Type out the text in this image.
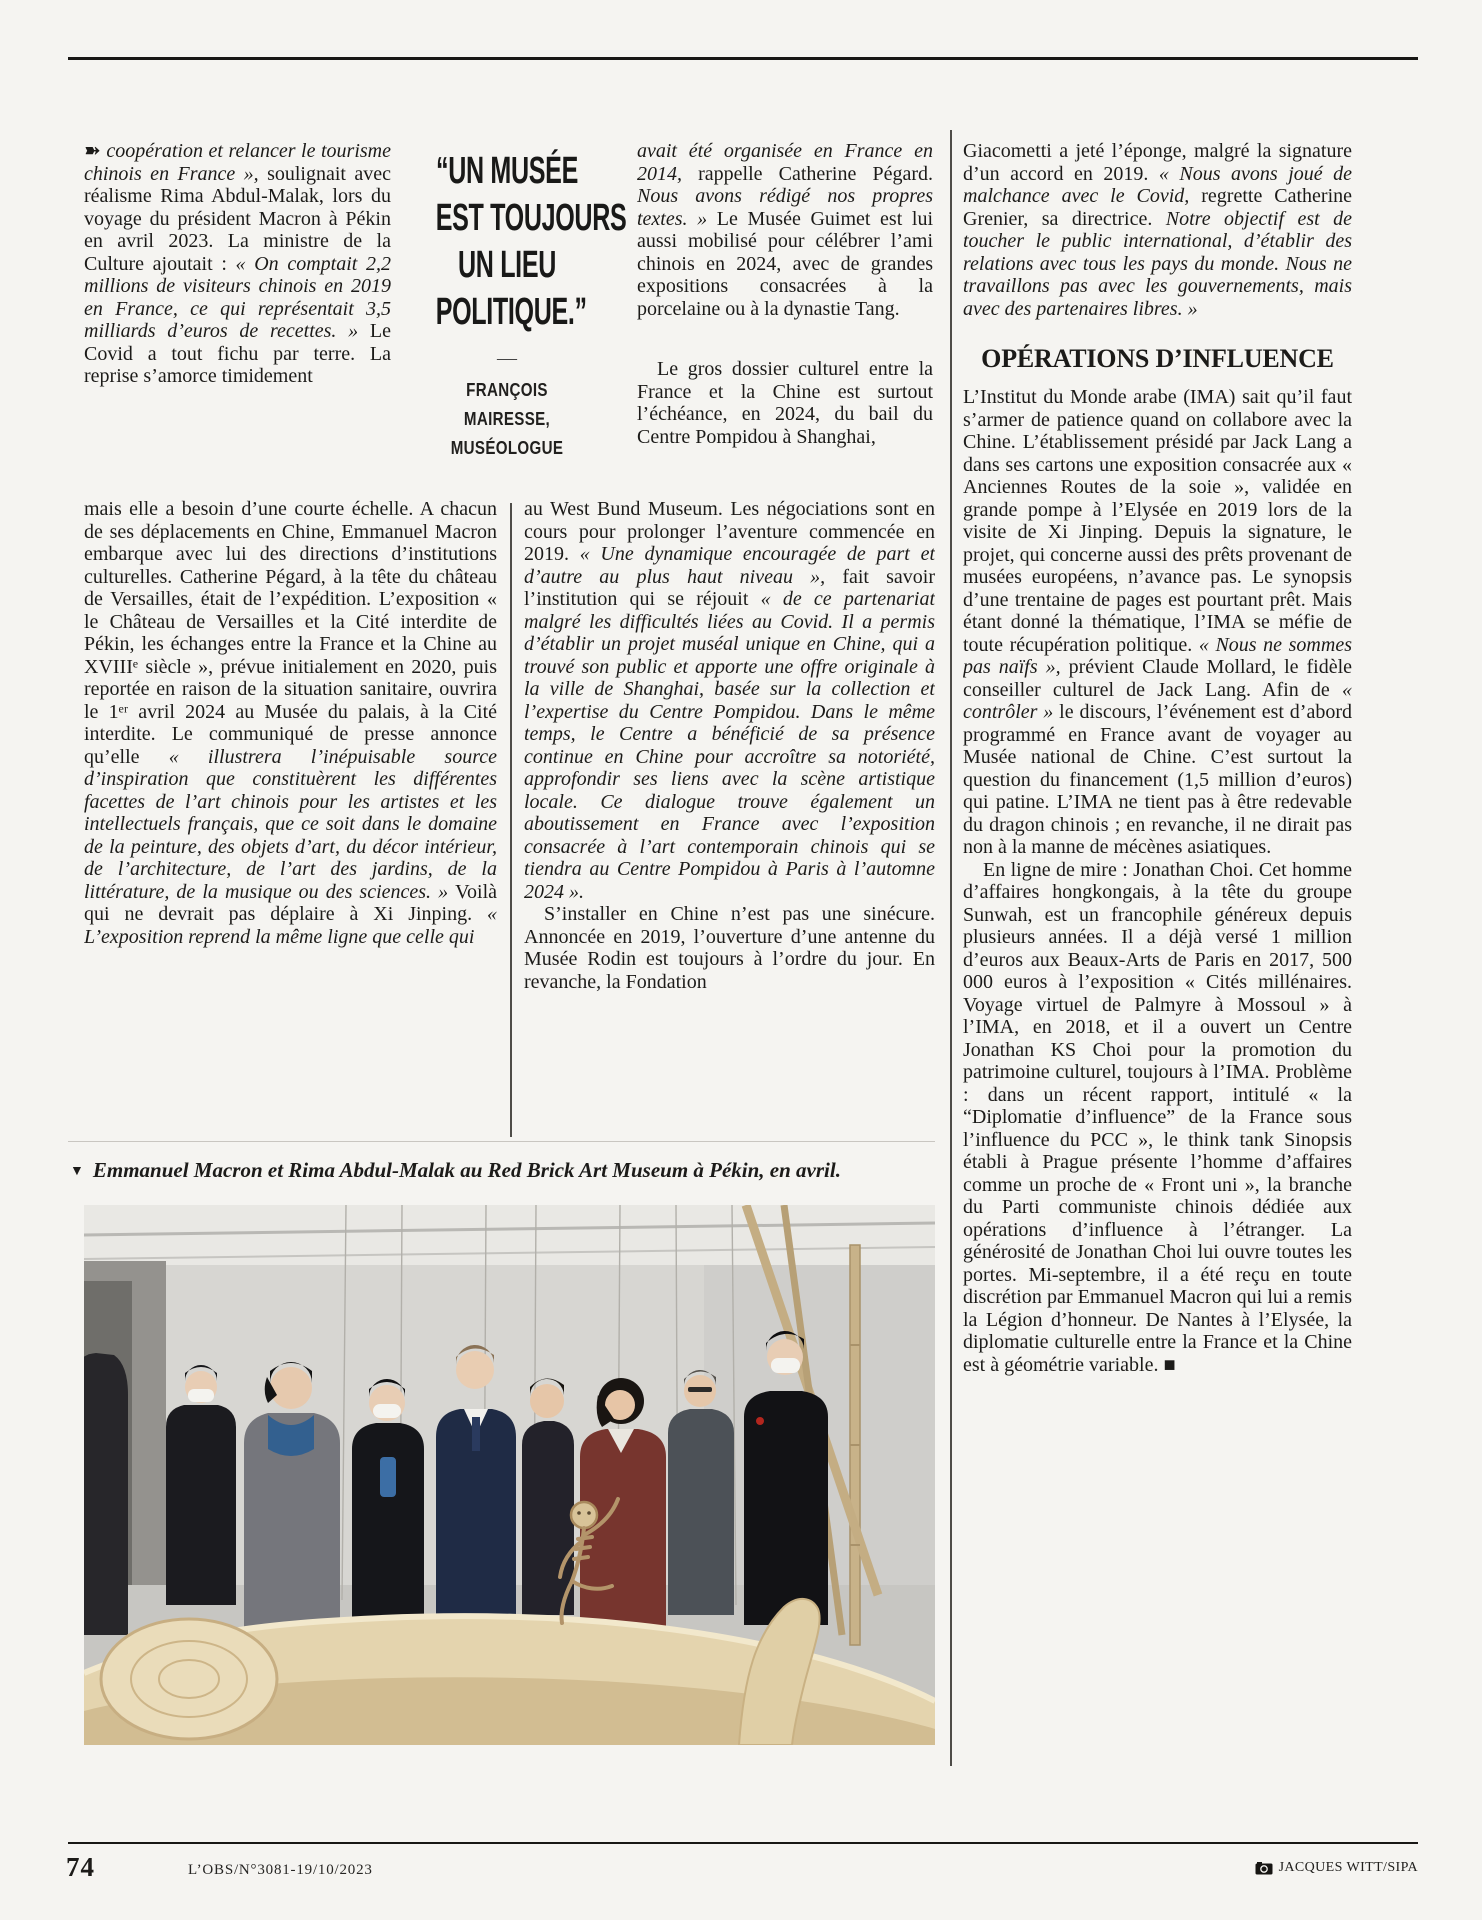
➽ coopération et relancer le tourisme chinois en France », soulignait avec réalisme Rima Abdul-Malak, lors du voyage du président Macron à Pékin en avril 2023. La ministre de la Culture ajoutait : « On comptait 2,2 millions de visiteurs chinois en 2019 en France, ce qui représentait 3,5 milliards d’euros de recettes. » Le Covid a tout fichu par terre. La reprise s’amorce timidement

“UN MUSÉE
EST TOUJOURS
UN LIEU
POLITIQUE.”
—
FRANÇOIS
MAIRESSE,
MUSÉOLOGUE

avait été organisée en France en 2014, rappelle Catherine Pégard. Nous avons rédigé nos propres textes. » Le Musée Guimet est lui aussi mobilisé pour célébrer l’ami chinois en 2024, avec de grandes expositions consacrées à la porcelaine ou à la dynastie Tang.

Le gros dossier culturel entre la France et la Chine est surtout l’échéance, en 2024, du bail du Centre Pompidou à Shanghai,

mais elle a besoin d’une courte échelle. A chacun de ses déplacements en Chine, Emmanuel Macron embarque avec lui des directions d’institutions culturelles. Catherine Pégard, à la tête du château de Versailles, était de l’expédition. L’exposition « le Château de Versailles et la Cité interdite de Pékin, les échanges entre la France et la Chine au XVIIIᵉ siècle », prévue initialement en 2020, puis reportée en raison de la situation sanitaire, ouvrira le 1ᵉʳ avril 2024 au Musée du palais, à la Cité interdite. Le communiqué de presse annonce qu’elle « illustrera l’inépuisable source d’inspiration que constituèrent les différentes facettes de l’art chinois pour les artistes et les intellectuels français, que ce soit dans le domaine de la peinture, des objets d’art, du décor intérieur, de l’architecture, de l’art des jardins, de la littérature, de la musique ou des sciences. » Voilà qui ne devrait pas déplaire à Xi Jinping. « L’exposition reprend la même ligne que celle qui

au West Bund Museum. Les négociations sont en cours pour prolonger l’aventure commencée en 2019. « Une dynamique encouragée de part et d’autre au plus haut niveau », fait savoir l’institution qui se réjouit « de ce partenariat malgré les difficultés liées au Covid. Il a permis d’établir un projet muséal unique en Chine, qui a trouvé son public et apporte une offre originale à la ville de Shanghai, basée sur la collection et l’expertise du Centre Pompidou. Dans le même temps, le Centre a bénéficié de sa présence continue en Chine pour accroître sa notoriété, approfondir ses liens avec la scène artistique locale. Ce dialogue trouve également un aboutissement en France avec l’exposition consacrée à l’art contemporain chinois qui se tiendra au Centre Pompidou à Paris à l’automne 2024 ».

S’installer en Chine n’est pas une sinécure. Annoncée en 2019, l’ouverture d’une antenne du Musée Rodin est toujours à l’ordre du jour. En revanche, la Fondation

Giacometti a jeté l’éponge, malgré la signature d’un accord en 2019. « Nous avons joué de malchance avec le Covid, regrette Catherine Grenier, sa directrice. Notre objectif est de toucher le public international, d’établir des relations avec tous les pays du monde. Nous ne travaillons pas avec les gouvernements, mais avec des partenaires libres. »

OPÉRATIONS D’INFLUENCE

L’Institut du Monde arabe (IMA) sait qu’il faut s’armer de patience quand on collabore avec la Chine. L’établissement présidé par Jack Lang a dans ses cartons une exposition consacrée aux « Anciennes Routes de la soie », validée en grande pompe à l’Elysée en 2019 lors de la visite de Xi Jinping. Depuis la signature, le projet, qui concerne aussi des prêts provenant de musées européens, n’avance pas. Le synopsis d’une trentaine de pages est pourtant prêt. Mais étant donné la thématique, l’IMA se méfie de toute récupération politique. « Nous ne sommes pas naïfs », prévient Claude Mollard, le fidèle conseiller culturel de Jack Lang. Afin de « contrôler » le discours, l’événement est d’abord programmé en France avant de voyager au Musée national de Chine. C’est surtout la question du financement (1,5 million d’euros) qui patine. L’IMA ne tient pas à être redevable du dragon chinois ; en revanche, il ne dirait pas non à la manne de mécènes asiatiques.

En ligne de mire : Jonathan Choi. Cet homme d’affaires hongkongais, à la tête du groupe Sunwah, est un francophile généreux depuis plusieurs années. Il a déjà versé 1 million d’euros aux Beaux-Arts de Paris en 2017, 500 000 euros à l’exposition « Cités millénaires. Voyage virtuel de Palmyre à Mossoul » à l’IMA, en 2018, et il a ouvert un Centre Jonathan KS Choi pour la promotion du patrimoine culturel, toujours à l’IMA. Problème : dans un récent rapport, intitulé « la “Diplomatie d’influence” de la France sous l’influence du PCC », le think tank Sinopsis établi à Prague présente l’homme d’affaires comme un proche de « Front uni », la branche du Parti communiste chinois dédiée aux opérations d’influence à l’étranger. La générosité de Jonathan Choi lui ouvre toutes les portes. Mi-septembre, il a été reçu en toute discrétion par Emmanuel Macron qui lui a remis la Légion d’honneur. De Nantes à l’Elysée, la diplomatie culturelle entre la France et la Chine est à géométrie variable. ■

▼ Emmanuel Macron et Rima Abdul-Malak au Red Brick Art Museum à Pékin, en avril.
74	L’OBS/N°3081-19/10/2023	JACQUES WITT/SIPA
